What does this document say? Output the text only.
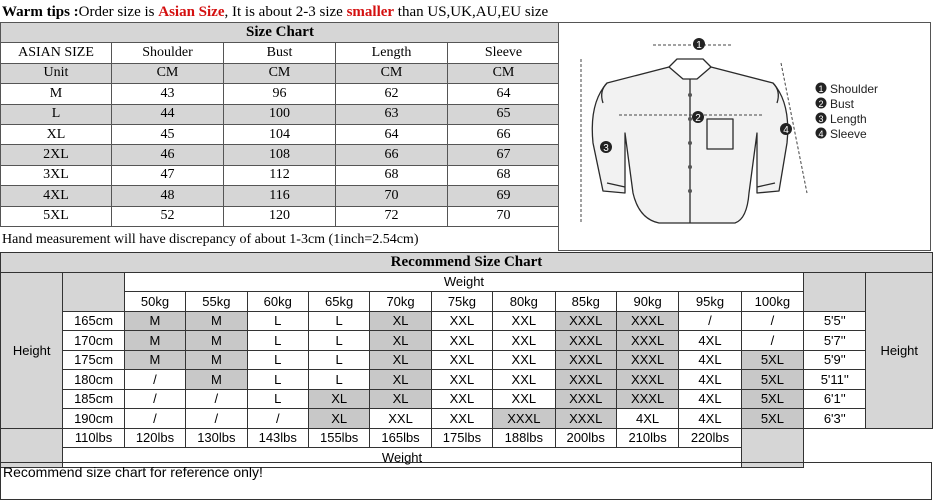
Warm tips :Order size is Asian Size, It is about 2-3 size smaller than US,UK,AU,EU size
Size Chart				
ASIAN SIZE	Shoulder	Bust	Length	Sleeve
Unit	CM	CM	CM	CM
M	43	96	62	64
L	44	100	63	65
XL	45	104	64	66
2XL	46	108	66	67
3XL	47	112	68	68
4XL	48	116	70	69
5XL	52	120	72	70
Hand measurement will have discrepancy of about 1-3cm (1inch=2.54cm)
1
2
3
4
1 Shoulder
2 Bust
3 Length
4 Sleeve
Recommend Size Chart														
Height		Weight												Height
		50kg	55kg	60kg	65kg	70kg	75kg	80kg	85kg	90kg	95kg	100kg		
	165cm	M	M	L	L	XL	XXL	XXL	XXXL	XXXL	/	/	5'5''	
	170cm	M	M	L	L	XL	XXL	XXL	XXXL	XXXL	4XL	/	5'7''	
	175cm	M	M	L	L	XL	XXL	XXL	XXXL	XXXL	4XL	5XL	5'9''	
	180cm	/	M	L	L	XL	XXL	XXL	XXXL	XXXL	4XL	5XL	5'11''	
	185cm	/	/	L	XL	XL	XXL	XXL	XXXL	XXXL	4XL	5XL	6'1''	
	190cm	/	/	/	XL	XXL	XXL	XXXL	XXXL	4XL	4XL	5XL	6'3''	
	110lbs	120lbs	130lbs	143lbs	155lbs	165lbs	175lbs	188lbs	200lbs	210lbs	220lbs			
	Weight													
Recommend size chart for reference only!
